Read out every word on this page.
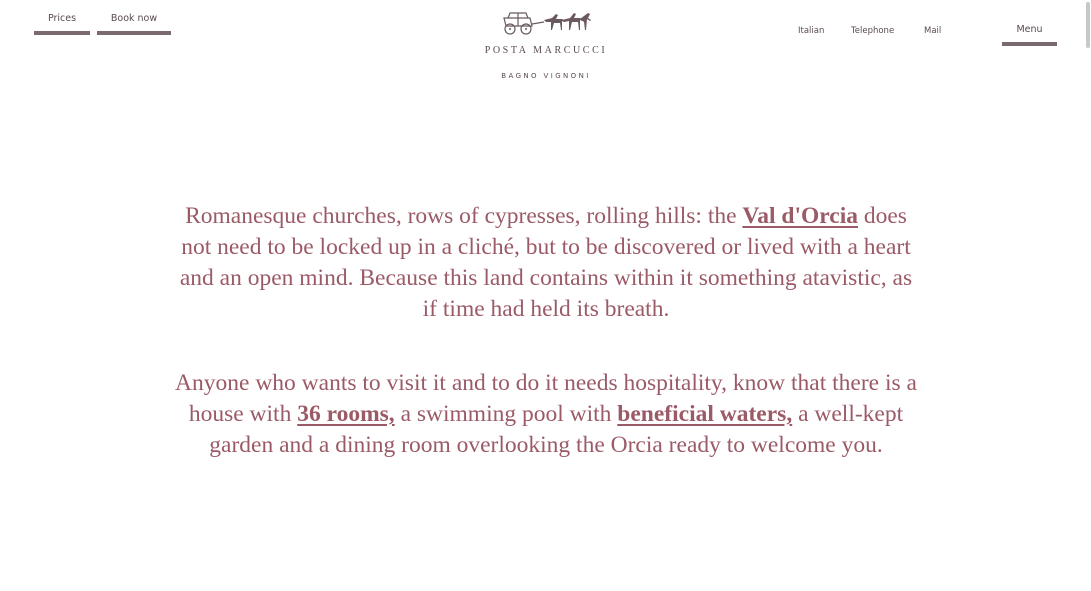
Prices	Book now
POSTA MARCUCCI
BAGNO VIGNONI
Italian	Telephone	Mail	Menu

Romanesque churches, rows of cypresses, rolling hills: the Val d'Orcia does not need to be locked up in a cliché, but to be discovered or lived with a heart and an open mind. Because this land contains within it something atavistic, as if time had held its breath.

Anyone who wants to visit it and to do it needs hospitality, know that there is a house with 36 rooms, a swimming pool with beneficial waters, a well-kept garden and a dining room overlooking the Orcia ready to welcome you.
